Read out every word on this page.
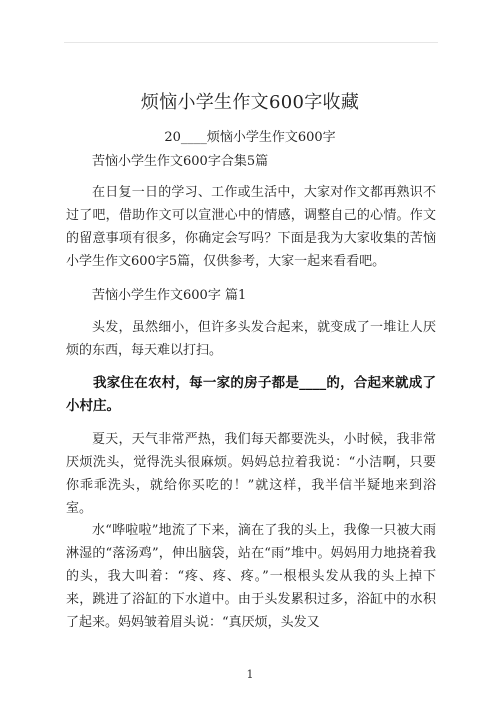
烦恼小学生作文600字收藏
20____烦恼小学生作文600字

苦恼小学生作文600字合集5篇

在日复一日的学习、工作或生活中，大家对作文都再熟识不过了吧，借助作文可以宣泄心中的情感，调整自己的心情。作文的留意事项有很多，你确定会写吗？下面是我为大家收集的苦恼小学生作文600字5篇，仅供参考，大家一起来看看吧。

苦恼小学生作文600字 篇1

头发，虽然细小，但许多头发合起来，就变成了一堆让人厌烦的东西，每天难以打扫。

我家住在农村，每一家的房子都是____的，合起来就成了小村庄。

夏天，天气非常严热，我们每天都要洗头，小时候，我非常厌烦洗头，觉得洗头很麻烦。妈妈总拉着我说：“小洁啊，只要你乖乖洗头，就给你买吃的！”就这样，我半信半疑地来到浴室。

水“哗啦啦”地流了下来，滴在了我的头上，我像一只被大雨淋湿的“落汤鸡”，伸出脑袋，站在“雨”堆中。妈妈用力地挠着我的头，我大叫着：“疼、疼、疼。”一根根头发从我的头上掉下来，跳进了浴缸的下水道中。由于头发累积过多，浴缸中的水积了起来。妈妈皱着眉头说：“真厌烦，头发又

1
